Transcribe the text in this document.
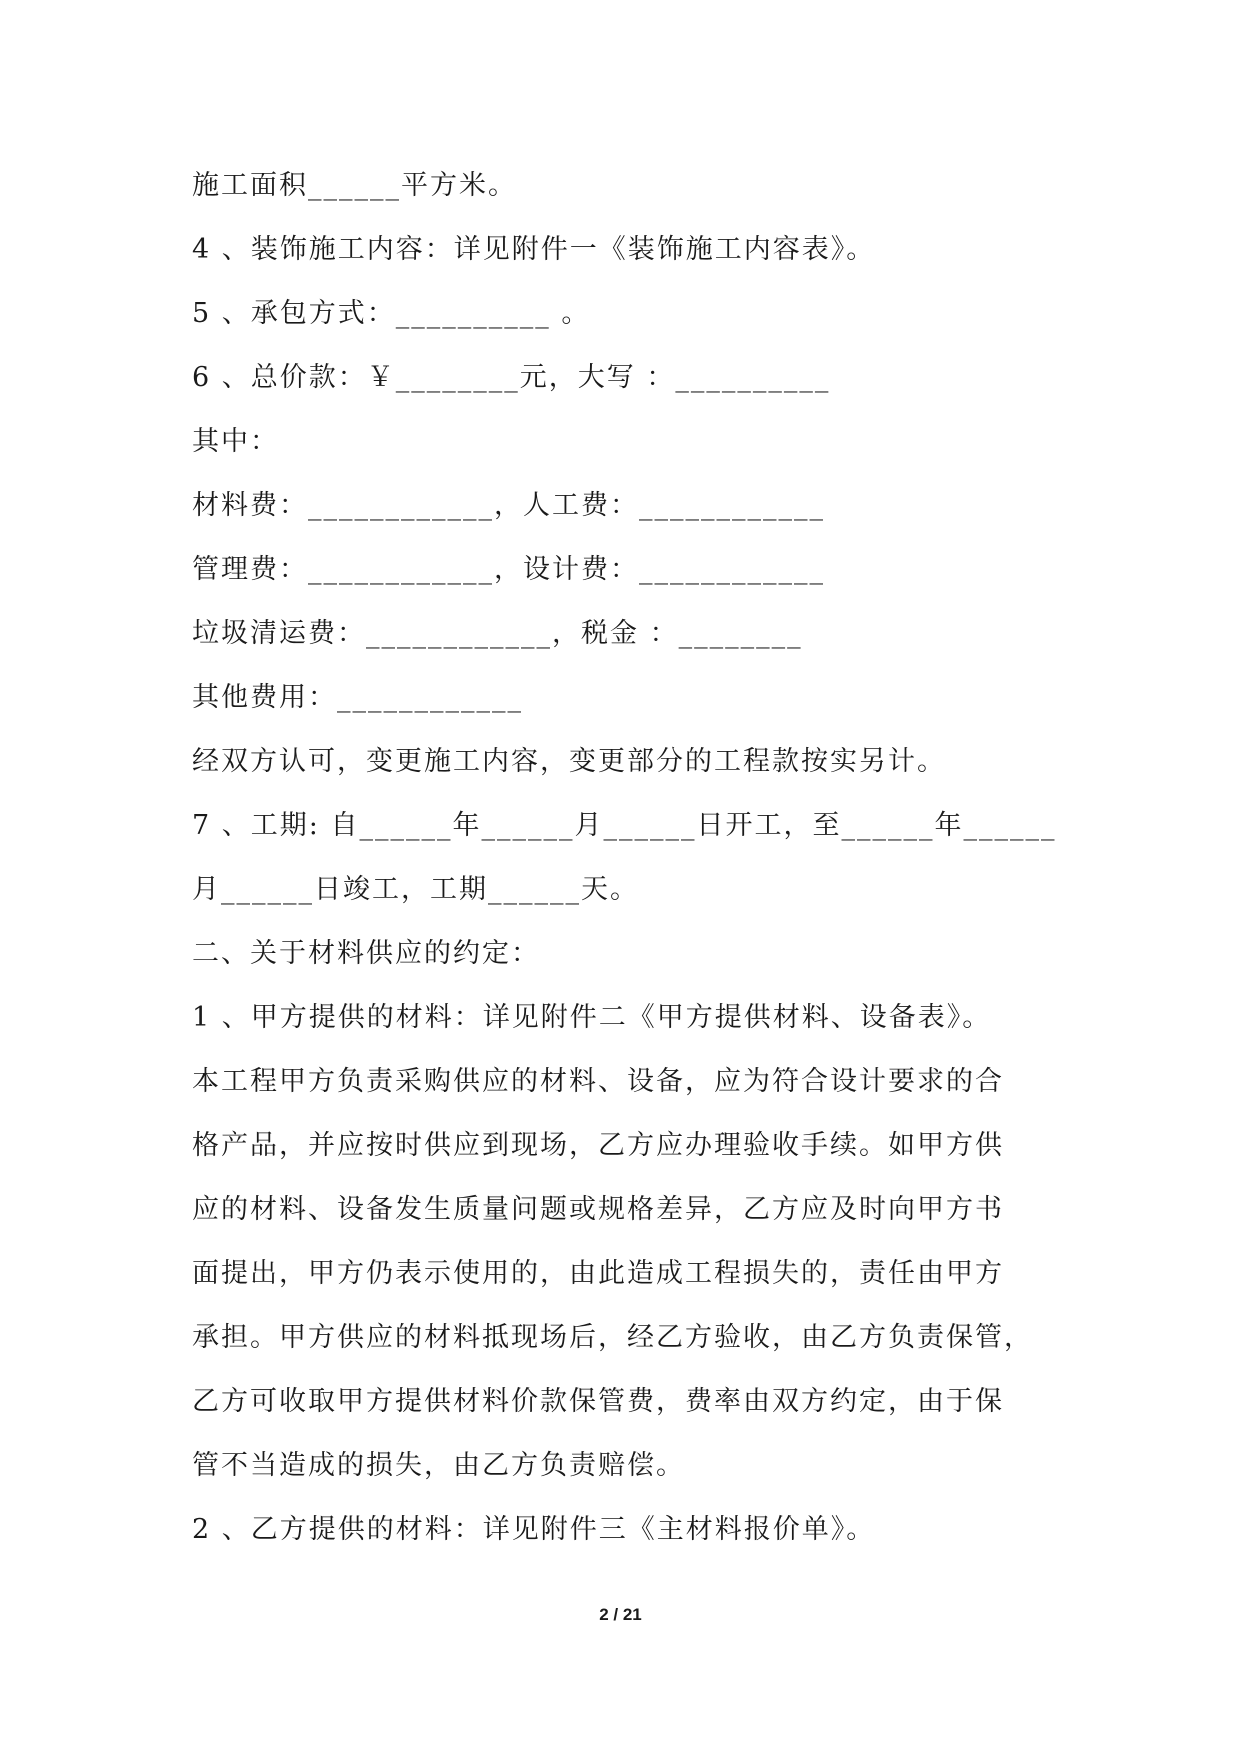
施工面积______平方米。
4 、装饰施工内容：详见附件一《装饰施工内容表》。
5 、承包方式：__________ 。
6 、总价款：￥________元，大写 ：__________
其中：
材料费：____________，人工费：____________
管理费：____________，设计费：____________
垃圾清运费：____________，税金 ：________
其他费用：____________
经双方认可，变更施工内容，变更部分的工程款按实另计。
7 、工期: 自______年______月______日开工，至______年______
月______日竣工，工期______天。
二、关于材料供应的约定：
1 、甲方提供的材料：详见附件二《甲方提供材料、设备表》。
本工程甲方负责采购供应的材料、设备，应为符合设计要求的合
格产品，并应按时供应到现场，乙方应办理验收手续。如甲方供
应的材料、设备发生质量问题或规格差异，乙方应及时向甲方书
面提出，甲方仍表示使用的，由此造成工程损失的，责任由甲方
承担。甲方供应的材料抵现场后，经乙方验收，由乙方负责保管，
乙方可收取甲方提供材料价款保管费，费率由双方约定，由于保
管不当造成的损失，由乙方负责赔偿。
2 、乙方提供的材料：详见附件三《主材料报价单》。
2 / 21
